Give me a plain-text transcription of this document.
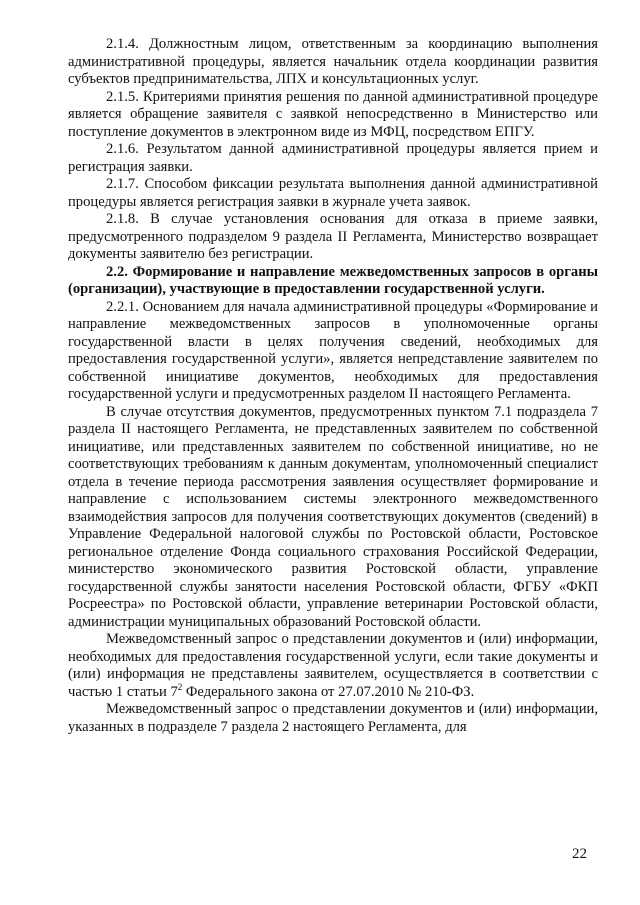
2.1.4. Должностным лицом, ответственным за координацию выполнения административной процедуры, является начальник отдела координации развития субъектов предпринимательства, ЛПХ и консультационных услуг.

2.1.5. Критериями принятия решения по данной административной процедуре является обращение заявителя с заявкой непосредственно в Министерство или поступление документов в электронном виде из МФЦ, посредством ЕПГУ.

2.1.6. Результатом данной административной процедуры является прием и регистрация заявки.

2.1.7. Способом фиксации результата выполнения данной административной процедуры является регистрация заявки в журнале учета заявок.

2.1.8. В случае установления основания для отказа в приеме заявки, предусмотренного подразделом 9 раздела II Регламента, Министерство возвращает документы заявителю без регистрации.

2.2. Формирование и направление межведомственных запросов в органы (организации), участвующие в предоставлении государственной услуги.

2.2.1. Основанием для начала административной процедуры «Формирование и направление межведомственных запросов в уполномоченные органы государственной власти в целях получения сведений, необходимых для предоставления государственной услуги», является непредставление заявителем по собственной инициативе документов, необходимых для предоставления государственной услуги и предусмотренных разделом II настоящего Регламента.

В случае отсутствия документов, предусмотренных пунктом 7.1 подраздела 7 раздела II настоящего Регламента, не представленных заявителем по собственной инициативе, или представленных заявителем по собственной инициативе, но не соответствующих требованиям к данным документам, уполномоченный специалист отдела в течение периода рассмотрения заявления осуществляет формирование и направление с использованием системы электронного межведомственного взаимодействия запросов для получения соответствующих документов (сведений) в Управление Федеральной налоговой службы по Ростовской области, Ростовское региональное отделение Фонда социального страхования Российской Федерации, министерство экономического развития Ростовской области, управление государственной службы занятости населения Ростовской области, ФГБУ «ФКП Росреестра» по Ростовской области, управление ветеринарии Ростовской области, администрации муниципальных образований Ростовской области.

Межведомственный запрос о представлении документов и (или) информации, необходимых для предоставления государственной услуги, если такие документы и (или) информация не представлены заявителем, осуществляется в соответствии с частью 1 статьи $7^2$ Федерального закона от 27.07.2010 № 210-ФЗ.

Межведомственный запрос о представлении документов и (или) информации, указанных в подразделе 7 раздела 2 настоящего Регламента, для

22
